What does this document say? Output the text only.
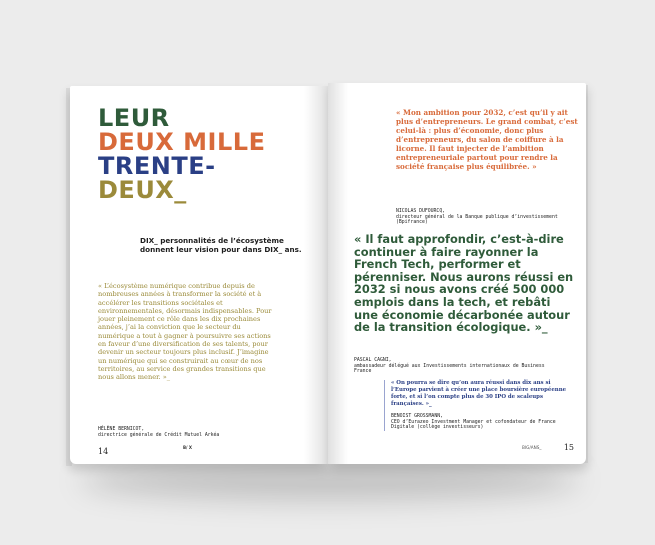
LEUR
DEUX MILLE
TRENTE-
DEUX_
DIX_ personnalités de l’écosystème donnent leur vision pour dans DIX_ ans.
« L’écosystème numérique contribue depuis de nombreuses années à transformer la société et à accélérer les transitions sociétales et environnementales, désormais indispensables. Pour jouer pleinement ce rôle dans les dix prochaines années, j’ai la conviction que le secteur du numérique a tout à gagner à poursuivre ses actions en faveur d’une diversification de ses talents, pour devenir un secteur toujours plus inclusif. J’imagine un numérique qui se construirait au cœur de nos territoires, au service des grandes transitions que nous allons mener. »_
HÉLÈNE BERNICOT,
directrice générale de Crédit Mutuel Arkéa
14	B/ X
« Mon ambition pour 2032, c’est qu’il y ait plus d’entrepreneurs. Le grand combat, c’est celui-là : plus d’économie, donc plus d’entrepreneurs, du salon de coiffure à la licorne. Il faut injecter de l’ambition entrepreneuriale partout pour rendre la société française plus équilibrée. »
NICOLAS DUFOURCQ,
directeur général de la Banque publique d’investissement (Bpifrance)
« Il faut approfondir, c’est-à-dire continuer à faire rayonner la French Tech, performer et pérenniser. Nous aurons réussi en 2032 si nous avons créé 500 000 emplois dans la tech, et rebâti une économie décarbonée autour de la transition écologique. »_
PASCAL CAGNI,
ambassadeur délégué aux Investissements internationaux de Business France
« On pourra se dire qu’on aura réussi dans dix ans si l’Europe parvient à créer une place boursière européenne forte, et si l’on compte plus de 30 IPO de scaleups françaises. »_
BENOIST GROSSMANN,
CEO d’Eurazeo Investment Manager et cofondateur de France Digitale (collège investisseurs)
BIG/ANS_	15
